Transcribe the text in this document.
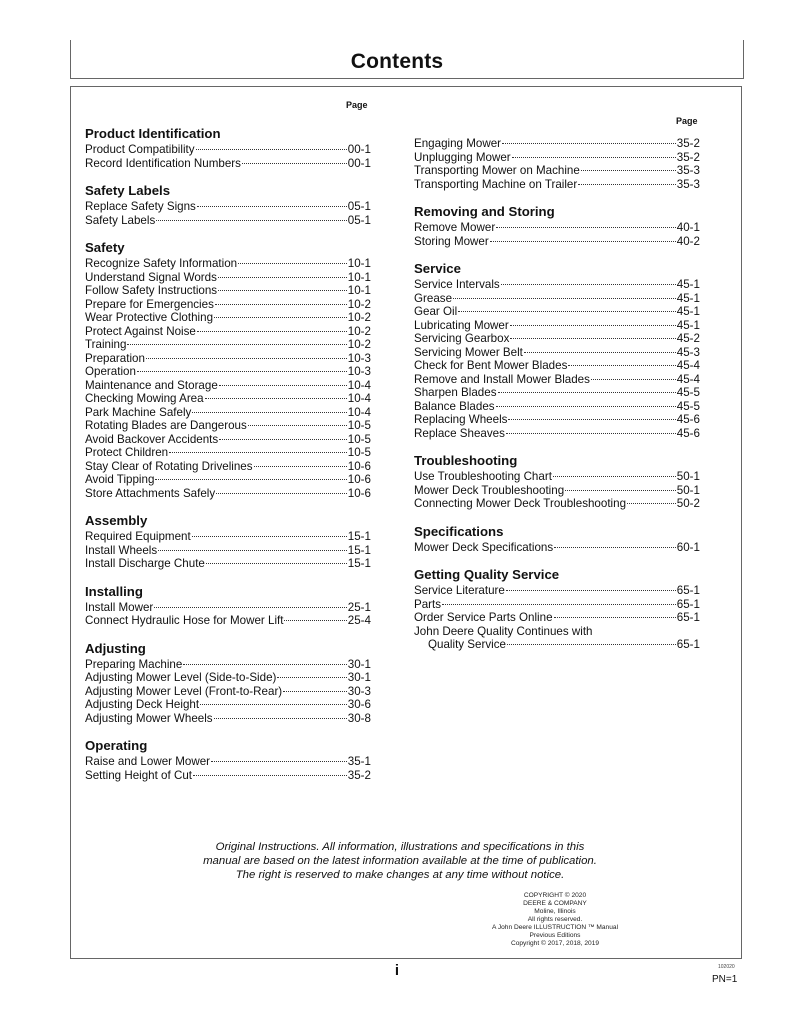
Contents
Page
Page
Product Identification
Product Compatibility	00-1
Record Identification Numbers	00-1
Safety Labels
Replace Safety Signs	05-1
Safety Labels	05-1
Safety
Recognize Safety Information	10-1
Understand Signal Words	10-1
Follow Safety Instructions	10-1
Prepare for Emergencies	10-2
Wear Protective Clothing	10-2
Protect Against Noise	10-2
Training	10-2
Preparation	10-3
Operation	10-3
Maintenance and Storage	10-4
Checking Mowing Area	10-4
Park Machine Safely	10-4
Rotating Blades are Dangerous	10-5
Avoid Backover Accidents	10-5
Protect Children	10-5
Stay Clear of Rotating Drivelines	10-6
Avoid Tipping	10-6
Store Attachments Safely	10-6
Assembly
Required Equipment	15-1
Install Wheels	15-1
Install Discharge Chute	15-1
Installing
Install Mower	25-1
Connect Hydraulic Hose for Mower Lift	25-4
Adjusting
Preparing Machine	30-1
Adjusting Mower Level (Side-to-Side)	30-1
Adjusting Mower Level (Front-to-Rear)	30-3
Adjusting Deck Height	30-6
Adjusting Mower Wheels	30-8
Operating
Raise and Lower Mower	35-1
Setting Height of Cut	35-2
Engaging Mower	35-2
Unplugging Mower	35-2
Transporting Mower on Machine	35-3
Transporting Machine on Trailer	35-3
Removing and Storing
Remove Mower	40-1
Storing Mower	40-2
Service
Service Intervals	45-1
Grease	45-1
Gear Oil	45-1
Lubricating Mower	45-1
Servicing Gearbox	45-2
Servicing Mower Belt	45-3
Check for Bent Mower Blades	45-4
Remove and Install Mower Blades	45-4
Sharpen Blades	45-5
Balance Blades	45-5
Replacing Wheels	45-6
Replace Sheaves	45-6
Troubleshooting
Use Troubleshooting Chart	50-1
Mower Deck Troubleshooting	50-1
Connecting Mower Deck Troubleshooting	50-2
Specifications
Mower Deck Specifications	60-1
Getting Quality Service
Service Literature	65-1
Parts	65-1
Order Service Parts Online	65-1
John Deere Quality Continues with
Quality Service	65-1
Original Instructions. All information, illustrations and specifications in this
manual are based on the latest information available at the time of publication.
The right is reserved to make changes at any time without notice.
COPYRIGHT © 2020
DEERE & COMPANY
Moline, Illinois
All rights reserved.
A John Deere ILLUSTRUCTION ™ Manual
Previous Editions
Copyright © 2017, 2018, 2019
i	102020
PN=1
